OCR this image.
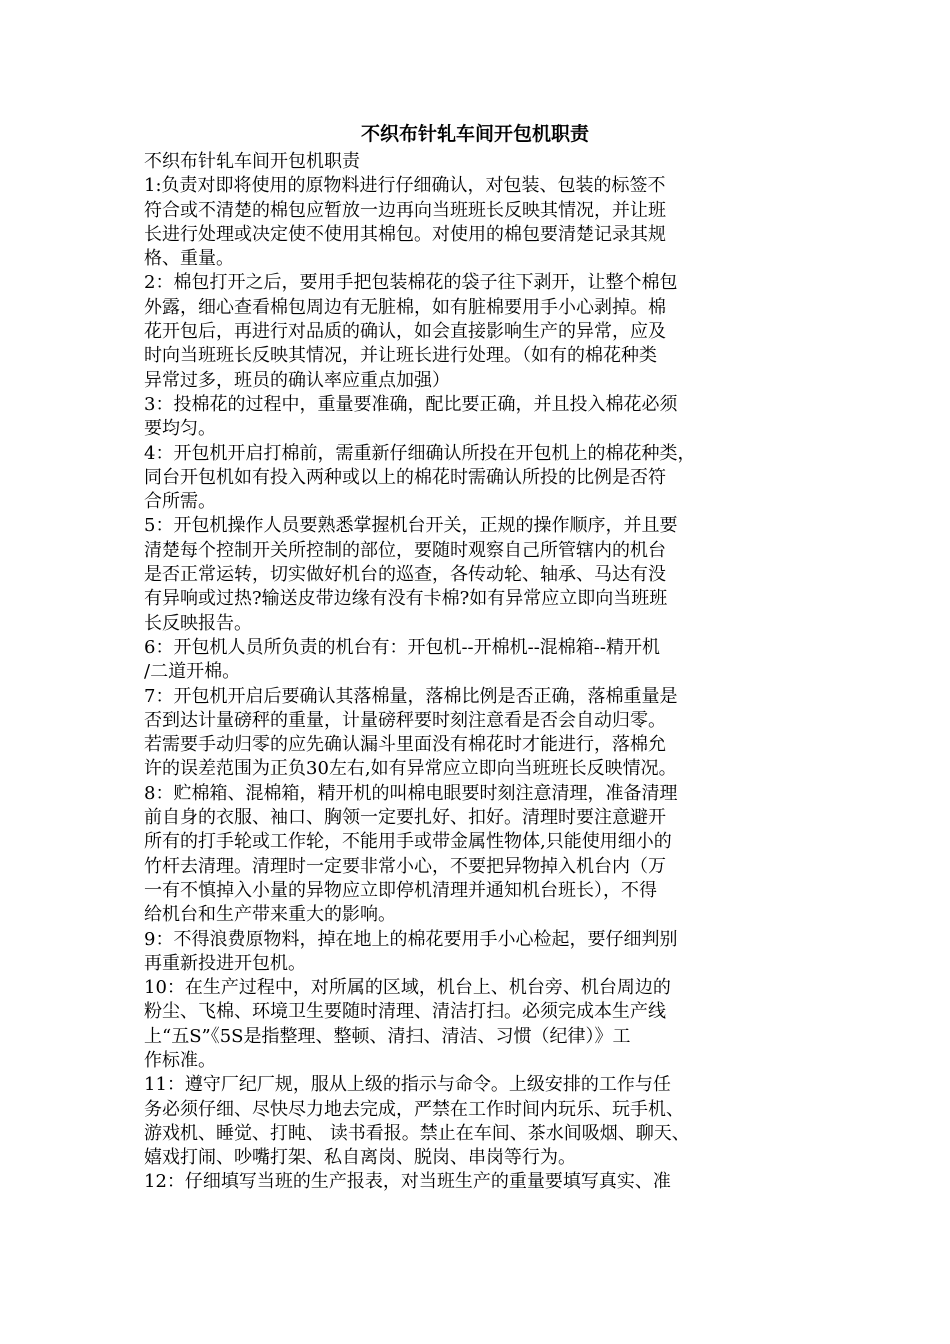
不织布针轧车间开包机职责
不织布针轧车间开包机职责
1:负责对即将使用的原物料进行仔细确认，对包装、包装的标签不
符合或不清楚的棉包应暂放一边再向当班班长反映其情况，并让班
长进行处理或决定使不使用其棉包。对使用的棉包要清楚记录其规
格、重量。
2：棉包打开之后，要用手把包装棉花的袋子往下剥开，让整个棉包
外露，细心查看棉包周边有无脏棉，如有脏棉要用手小心剥掉。棉
花开包后，再进行对品质的确认，如会直接影响生产的异常，应及
时向当班班长反映其情况，并让班长进行处理。（如有的棉花种类
异常过多，班员的确认率应重点加强）
3：投棉花的过程中，重量要准确，配比要正确，并且投入棉花必须
要均匀。
4：开包机开启打棉前，需重新仔细确认所投在开包机上的棉花种类，
同台开包机如有投入两种或以上的棉花时需确认所投的比例是否符
合所需。
5：开包机操作人员要熟悉掌握机台开关，正规的操作顺序，并且要
清楚每个控制开关所控制的部位，要随时观察自己所管辖内的机台
是否正常运转，切实做好机台的巡查，各传动轮、轴承、马达有没
有异响或过热?输送皮带边缘有没有卡棉?如有异常应立即向当班班
长反映报告。
6：开包机人员所负责的机台有：开包机--开棉机--混棉箱--精开机
/二道开棉。
7：开包机开启后要确认其落棉量，落棉比例是否正确，落棉重量是
否到达计量磅秤的重量，计量磅秤要时刻注意看是否会自动归零。
若需要手动归零的应先确认漏斗里面没有棉花时才能进行，落棉允
许的误差范围为正负30左右,如有异常应立即向当班班长反映情况。
8：贮棉箱、混棉箱，精开机的叫棉电眼要时刻注意清理，准备清理
前自身的衣服、袖口、胸领一定要扎好、扣好。清理时要注意避开
所有的打手轮或工作轮，不能用手或带金属性物体,只能使用细小的
竹杆去清理。清理时一定要非常小心，不要把异物掉入机台内（万
一有不慎掉入小量的异物应立即停机清理并通知机台班长），不得
给机台和生产带来重大的影响。
9：不得浪费原物料，掉在地上的棉花要用手小心检起，要仔细判别
再重新投进开包机。
10：在生产过程中，对所属的区域，机台上、机台旁、机台周边的
粉尘、飞棉、环境卫生要随时清理、清洁打扫。必须完成本生产线
上“五S”《5S是指整理、整顿、清扫、清洁、习惯（纪律）》工
作标准。
11：遵守厂纪厂规，服从上级的指示与命令。上级安排的工作与任
务必须仔细、尽快尽力地去完成，严禁在工作时间内玩乐、玩手机、
游戏机、睡觉、打盹、 读书看报。禁止在车间、茶水间吸烟、聊天、
嬉戏打闹、吵嘴打架、私自离岗、脱岗、串岗等行为。
12：仔细填写当班的生产报表，对当班生产的重量要填写真实、准
